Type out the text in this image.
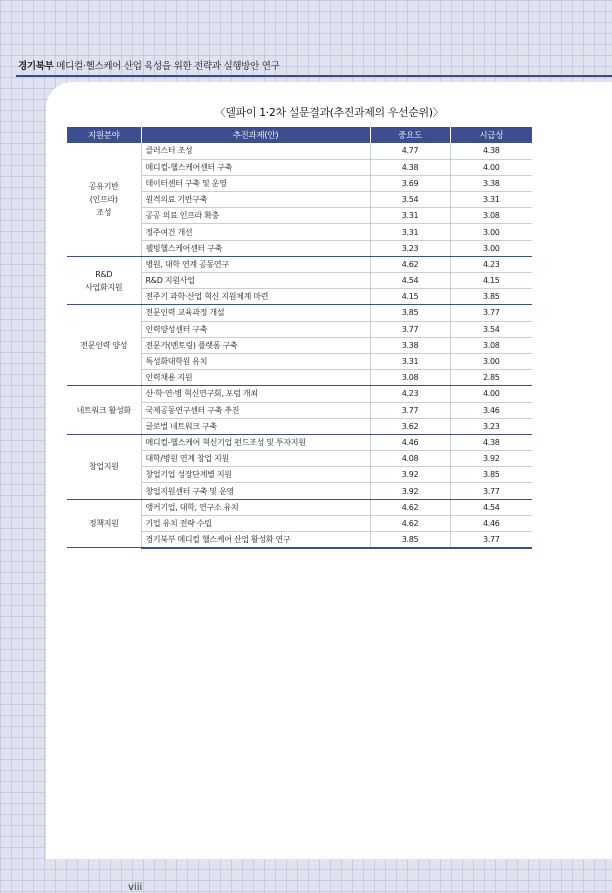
경기북부 메디컬·헬스케어 산업 육성을 위한 전략과 실행방안 연구
〈델파이 1·2차 설문결과(추진과제의 우선순위)〉
지원분야	추진과제(안)	중요도	시급성
공유기반
(인프라)
조성	클러스터 조성	4.77	4.38
	메디컬-헬스케어센터 구축	4.38	4.00
	데이터센터 구축 및 운영	3.69	3.38
	원격의료 기반구축	3.54	3.31
	공공 의료 인프라 확충	3.31	3.08
	정주여건 개선	3.31	3.00
	웰빙헬스케어센터 구축	3.23	3.00
R&D
사업화지원	병원, 대학 연계 공동연구	4.62	4.23
	R&D 지원사업	4.54	4.15
	전주기 과학·산업 혁신 지원체계 마련	4.15	3.85
전문인력 양성	전문인력 교육과정 개설	3.85	3.77
	인력양성센터 구축	3.77	3.54
	전문가(멘토링) 플랫폼 구축	3.38	3.08
	특성화대학원 유치	3.31	3.00
	인력채용 지원	3.08	2.85
네트워크 활성화	산·학·연·병 혁신연구회, 포럼 개최	4.23	4.00
	국제공동연구센터 구축 추진	3.77	3.46
	글로벌 네트워크 구축	3.62	3.23
창업지원	메디컬-헬스케어 혁신기업 펀드조성 및 투자지원	4.46	4.38
	대학/병원 연계 창업 지원	4.08	3.92
	창업기업 성장단계별 지원	3.92	3.85
	창업지원센터 구축 및 운영	3.92	3.77
정책지원	앵커기업, 대학, 연구소 유치	4.62	4.54
	기업 유치 전략 수립	4.62	4.46
	경기북부 메디컬 헬스케어 산업 활성화 연구	3.85	3.77
viii
